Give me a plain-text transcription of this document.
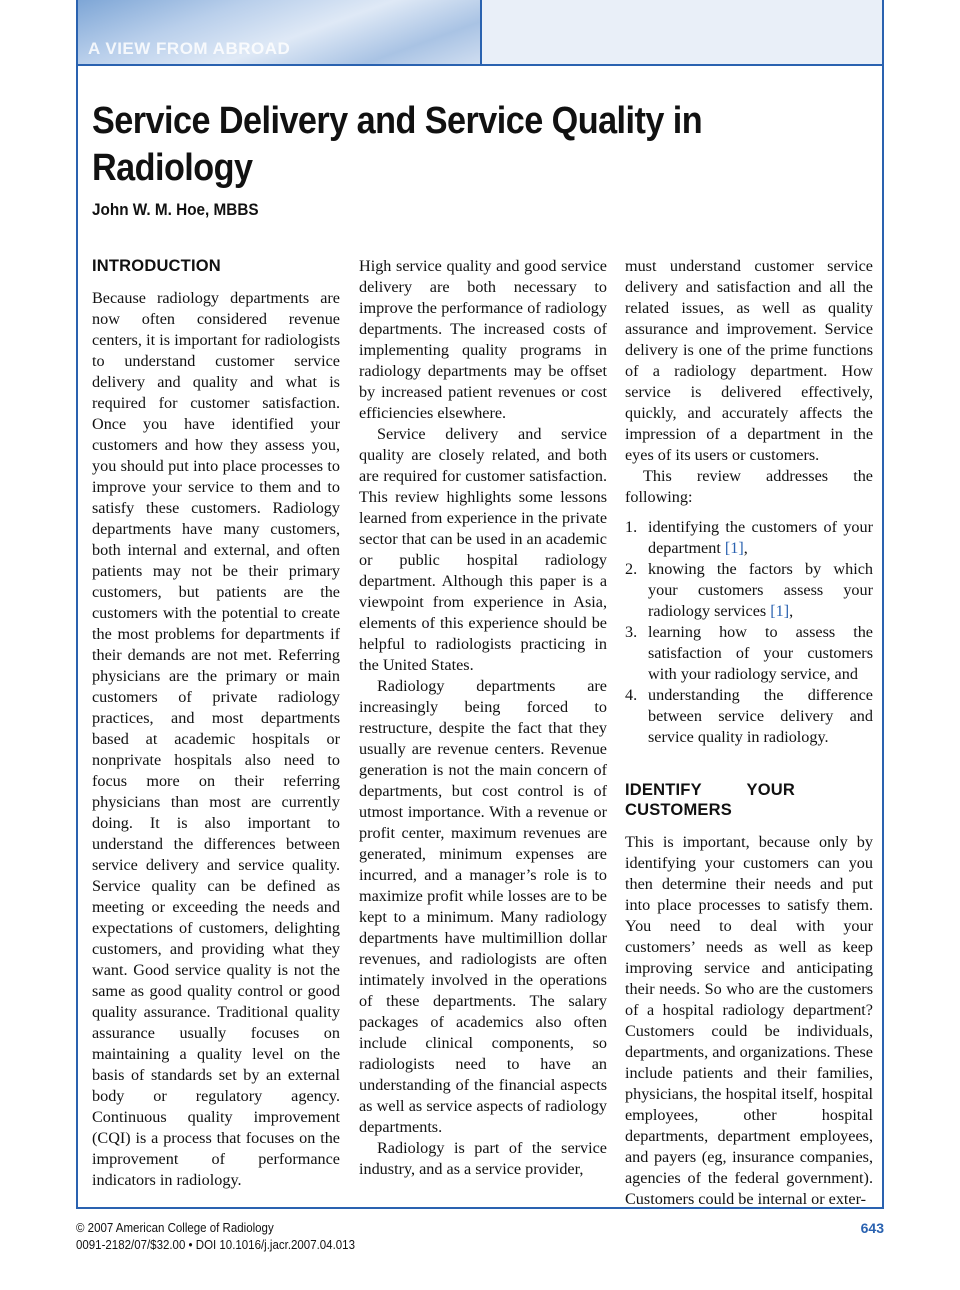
A VIEW FROM ABROAD
Service Delivery and Service Quality in Radiology

John W. M. Hoe, MBBS

INTRODUCTION

Because radiology departments are now often considered revenue centers, it is important for radiologists to understand customer service delivery and quality and what is required for customer satisfaction. Once you have identified your customers and how they assess you, you should put into place processes to improve your service to them and to satisfy these customers. Radiology departments have many customers, both internal and external, and often patients may not be their primary customers, but patients are the customers with the potential to create the most problems for departments if their demands are not met. Referring physicians are the primary or main customers of private radiology practices, and most departments based at academic hospitals or nonprivate hospitals also need to focus more on their referring physicians than most are currently doing. It is also important to understand the differences between service delivery and service quality. Service quality can be defined as meeting or exceeding the needs and expectations of customers, delighting customers, and providing what they want. Good service quality is not the same as good quality control or good quality assurance. Traditional quality assurance usually focuses on maintaining a quality level on the basis of standards set by an external body or regulatory agency. Continuous quality improvement (CQI) is a process that focuses on the improvement of performance indicators in radiology.

High service quality and good service delivery are both necessary to improve the performance of radiology departments. The increased costs of implementing quality programs in radiology departments may be offset by increased patient revenues or cost efficiencies elsewhere.

Service delivery and service quality are closely related, and both are required for customer satisfaction. This review highlights some lessons learned from experience in the private sector that can be used in an academic or public hospital radiology department. Although this paper is a viewpoint from experience in Asia, elements of this experience should be helpful to radiologists practicing in the United States.

Radiology departments are increasingly being forced to restructure, despite the fact that they usually are revenue centers. Revenue generation is not the main concern of departments, but cost control is of utmost importance. With a revenue or profit center, maximum revenues are generated, minimum expenses are incurred, and a manager’s role is to maximize profit while losses are to be kept to a minimum. Many radiology departments have multimillion dollar revenues, and radiologists are often intimately involved in the operations of these departments. The salary packages of academics also often include clinical components, so radiologists need to have an understanding of the financial aspects as well as service aspects of radiology departments.

Radiology is part of the service industry, and as a service provider,

must understand customer service delivery and satisfaction and all the related issues, as well as quality assurance and improvement. Service delivery is one of the prime functions of a radiology department. How service is delivered effectively, quickly, and accurately affects the impression of a department in the eyes of its users or customers.

This review addresses the following:

1. identifying the customers of your department [1],
2. knowing the factors by which your customers assess your radiology services [1],
3. learning how to assess the satisfaction of your customers with your radiology service, and
4. understanding the difference between service delivery and service quality in radiology.
IDENTIFY YOUR CUSTOMERS

This is important, because only by identifying your customers can you then determine their needs and put into place processes to satisfy them. You need to deal with your customers’ needs as well as keep improving service and anticipating their needs. So who are the customers of a hospital radiology department? Customers could be individuals, departments, and organizations. These include patients and their families, physicians, the hospital itself, hospital employees, other hospital departments, department employees, and payers (eg, insurance companies, agencies of the federal government). Customers could be internal or exter-

© 2007 American College of Radiology
0091-2182/07/$32.00 • DOI 10.1016/j.jacr.2007.04.013
643
